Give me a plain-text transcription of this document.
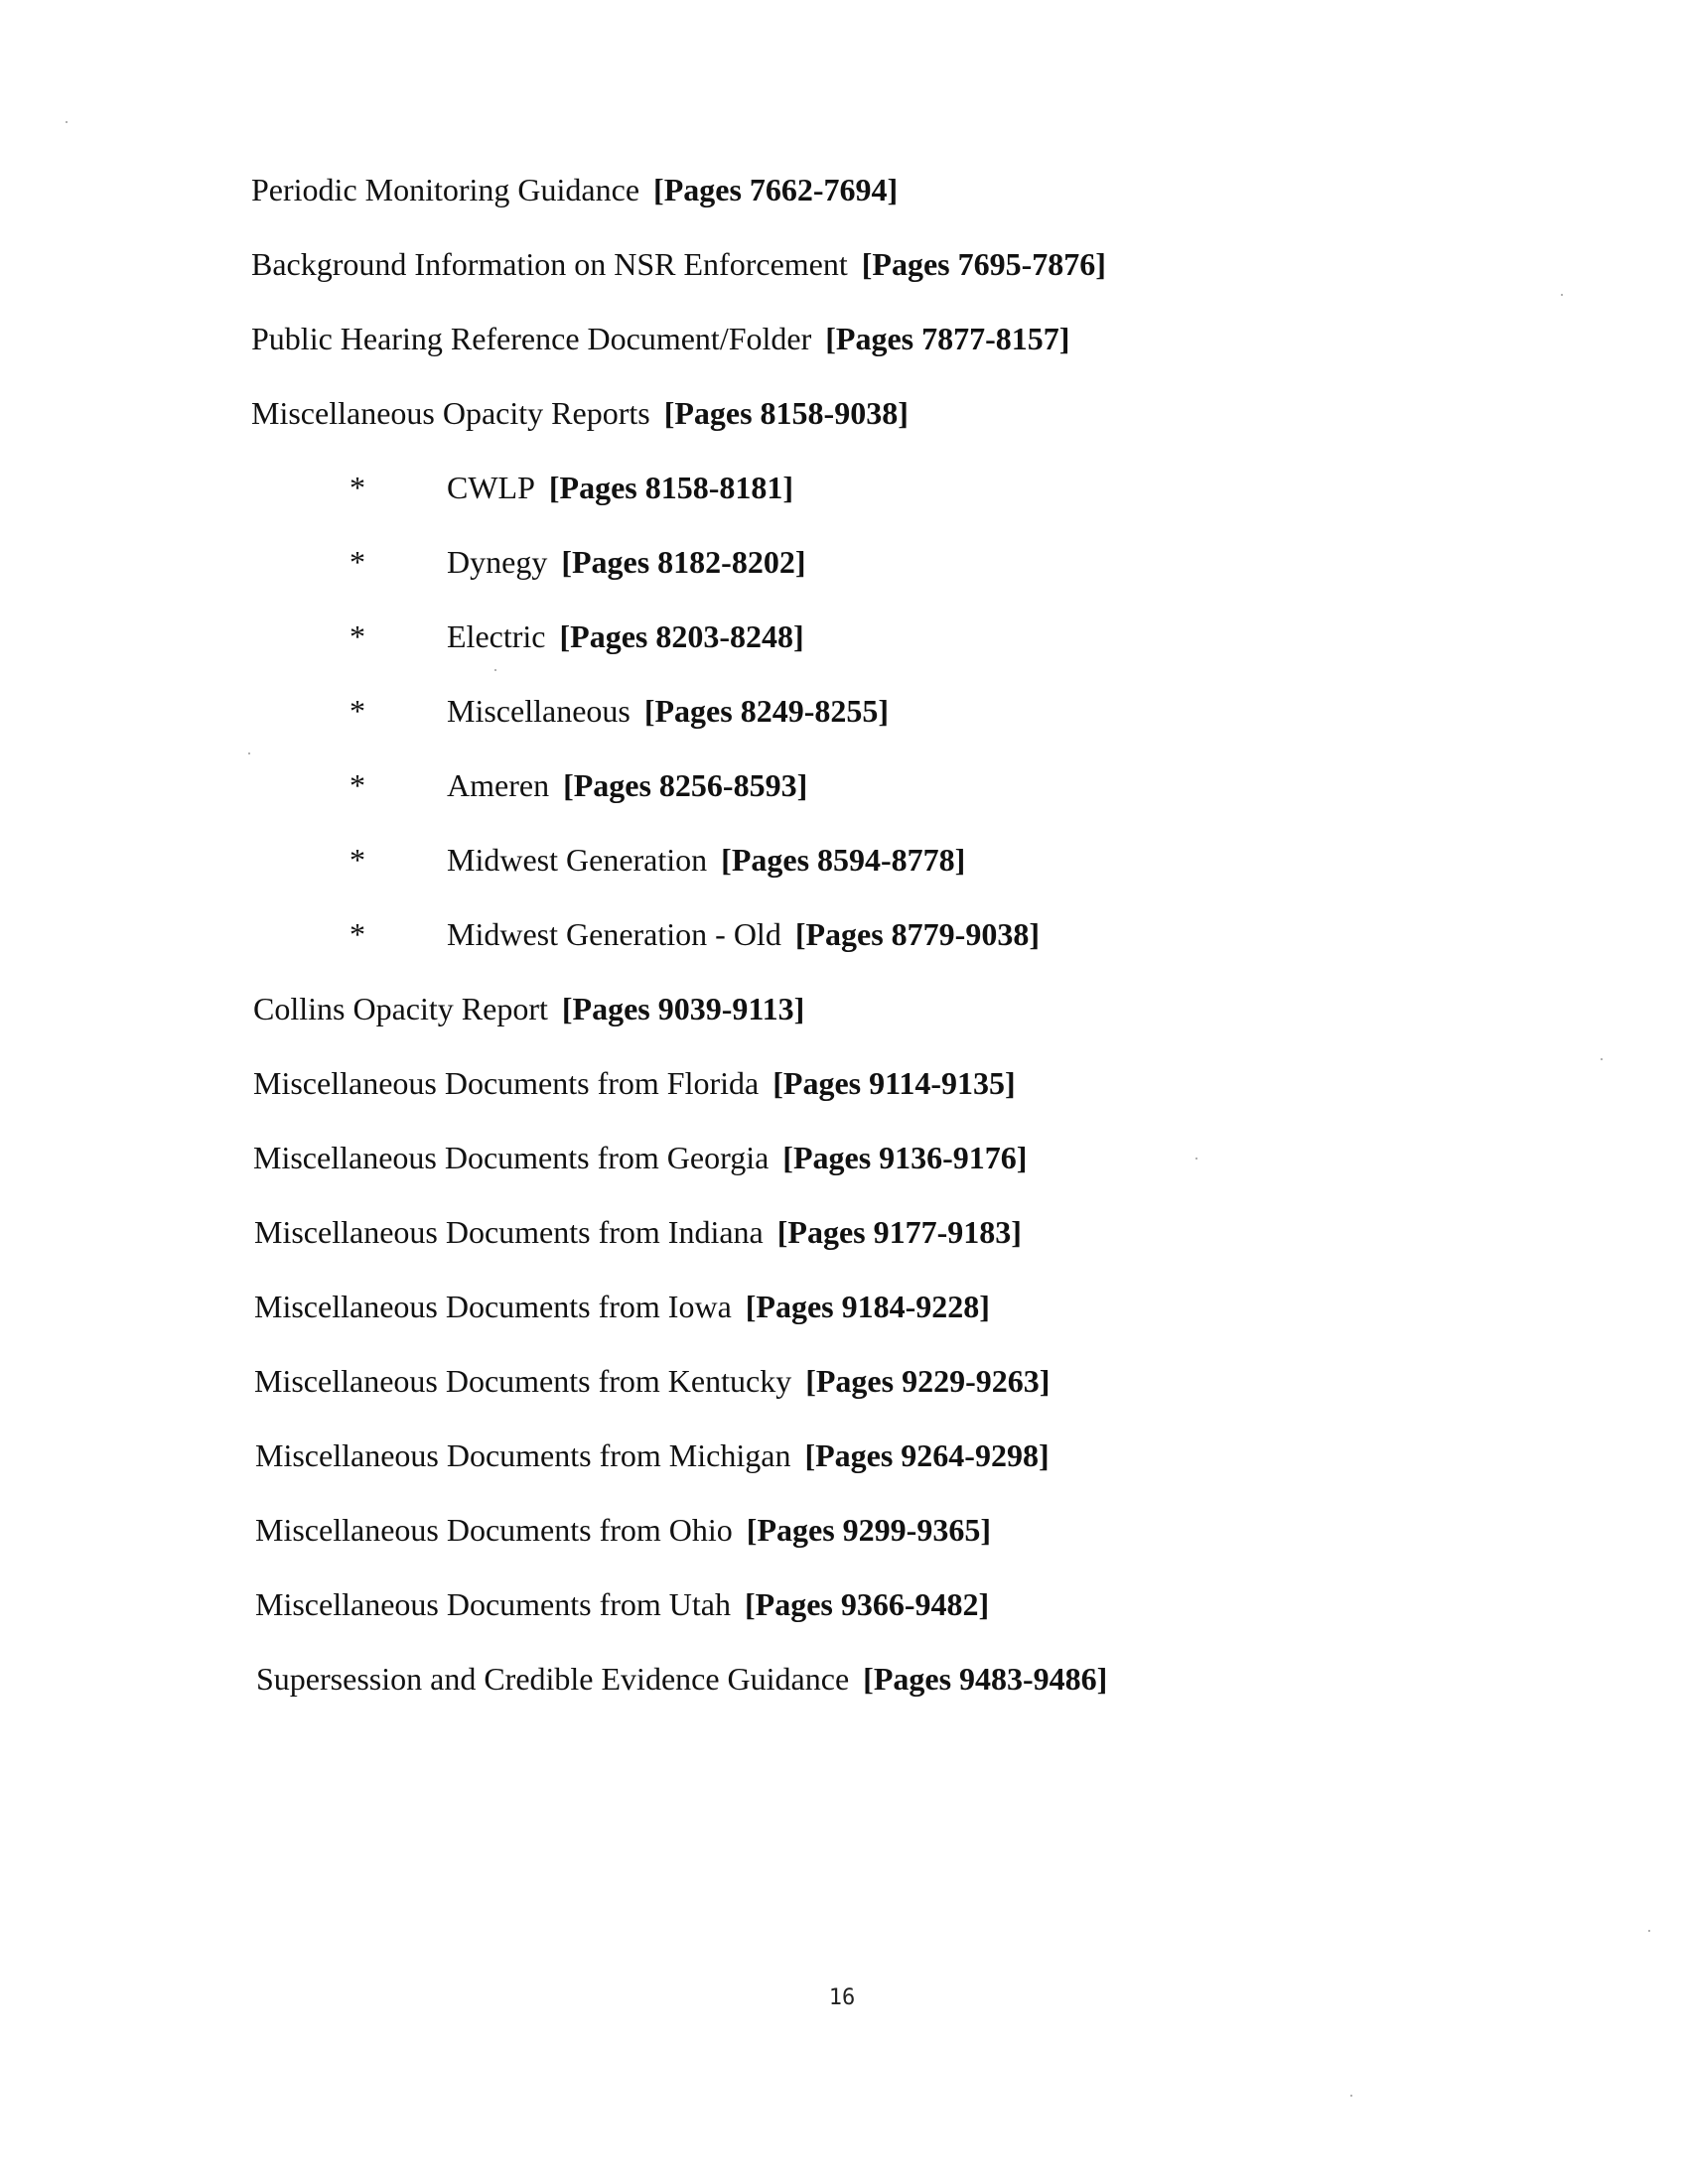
Periodic Monitoring Guidance [Pages 7662-7694]
Background Information on NSR Enforcement [Pages 7695-7876]
Public Hearing Reference Document/Folder [Pages 7877-8157]
Miscellaneous Opacity Reports [Pages 8158-9038]
*	CWLP [Pages 8158-8181]
*	Dynegy [Pages 8182-8202]
*	Electric [Pages 8203-8248]
*	Miscellaneous [Pages 8249-8255]
*	Ameren [Pages 8256-8593]
*	Midwest Generation [Pages 8594-8778]
*	Midwest Generation - Old [Pages 8779-9038]
Collins Opacity Report [Pages 9039-9113]
Miscellaneous Documents from Florida [Pages 9114-9135]
Miscellaneous Documents from Georgia [Pages 9136-9176]
Miscellaneous Documents from Indiana [Pages 9177-9183]
Miscellaneous Documents from Iowa [Pages 9184-9228]
Miscellaneous Documents from Kentucky [Pages 9229-9263]
Miscellaneous Documents from Michigan [Pages 9264-9298]
Miscellaneous Documents from Ohio [Pages 9299-9365]
Miscellaneous Documents from Utah [Pages 9366-9482]
Supersession and Credible Evidence Guidance [Pages 9483-9486]
16
